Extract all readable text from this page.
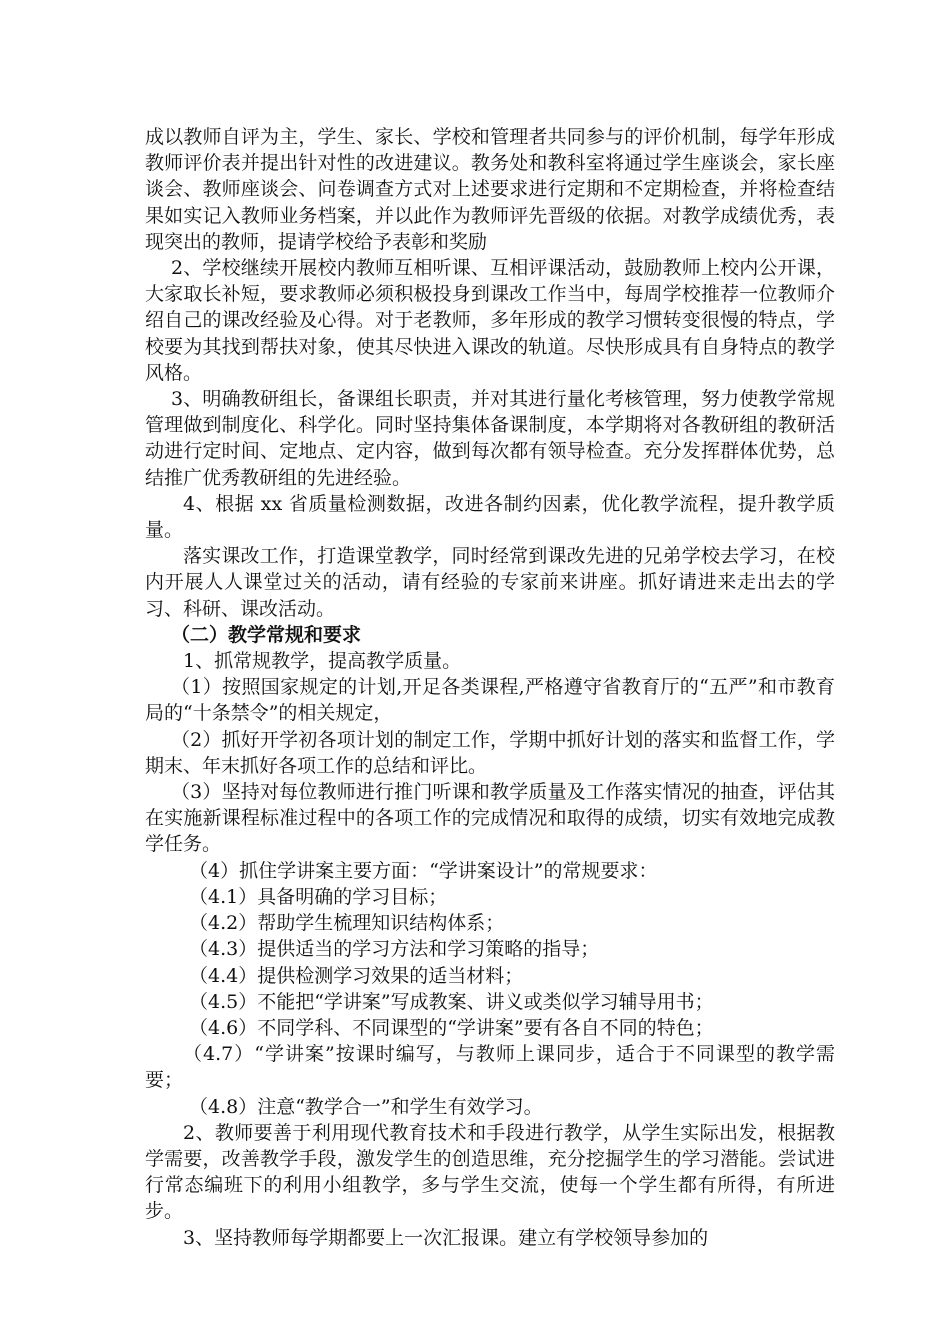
成以教师自评为主，学生、家长、学校和管理者共同参与的评价机制，每学年形成教师评价表并提出针对性的改进建议。教务处和教科室将通过学生座谈会，家长座谈会、教师座谈会、问卷调查方式对上述要求进行定期和不定期检查，并将检查结果如实记入教师业务档案，并以此作为教师评先晋级的依据。对教学成绩优秀，表现突出的教师，提请学校给予表彰和奖励

2、学校继续开展校内教师互相听课、互相评课活动，鼓励教师上校内公开课，大家取长补短，要求教师必须积极投身到课改工作当中，每周学校推荐一位教师介绍自己的课改经验及心得。对于老教师，多年形成的教学习惯转变很慢的特点，学校要为其找到帮扶对象，使其尽快进入课改的轨道。尽快形成具有自身特点的教学风格。

3、明确教研组长，备课组长职责，并对其进行量化考核管理，努力使教学常规管理做到制度化、科学化。同时坚持集体备课制度，本学期将对各教研组的教研活动进行定时间、定地点、定内容，做到每次都有领导检查。充分发挥群体优势，总结推广优秀教研组的先进经验。

4、根据 xx 省质量检测数据，改进各制约因素，优化教学流程，提升教学质量。

落实课改工作，打造课堂教学，同时经常到课改先进的兄弟学校去学习，在校内开展人人课堂过关的活动，请有经验的专家前来讲座。抓好请进来走出去的学习、科研、课改活动。

（二）教学常规和要求

1、抓常规教学，提高教学质量。

（1）按照国家规定的计划,开足各类课程,严格遵守省教育厅的“五严”和市教育局的“十条禁令”的相关规定，

（2）抓好开学初各项计划的制定工作，学期中抓好计划的落实和监督工作，学期末、年末抓好各项工作的总结和评比。

（3）坚持对每位教师进行推门听课和教学质量及工作落实情况的抽查，评估其在实施新课程标准过程中的各项工作的完成情况和取得的成绩，切实有效地完成教学任务。

（4）抓住学讲案主要方面：“学讲案设计”的常规要求：

（4.1）具备明确的学习目标；

（4.2）帮助学生梳理知识结构体系；

（4.3）提供适当的学习方法和学习策略的指导；

（4.4）提供检测学习效果的适当材料；

（4.5）不能把“学讲案”写成教案、讲义或类似学习辅导用书；

（4.6）不同学科、不同课型的“学讲案”要有各自不同的特色；

（4.7）“学讲案”按课时编写，与教师上课同步，适合于不同课型的教学需要；

（4.8）注意“教学合一”和学生有效学习。

2、教师要善于利用现代教育技术和手段进行教学，从学生实际出发，根据教学需要，改善教学手段，激发学生的创造思维，充分挖掘学生的学习潜能。尝试进行常态编班下的利用小组教学，多与学生交流，使每一个学生都有所得，有所进步。

3、坚持教师每学期都要上一次汇报课。建立有学校领导参加的
